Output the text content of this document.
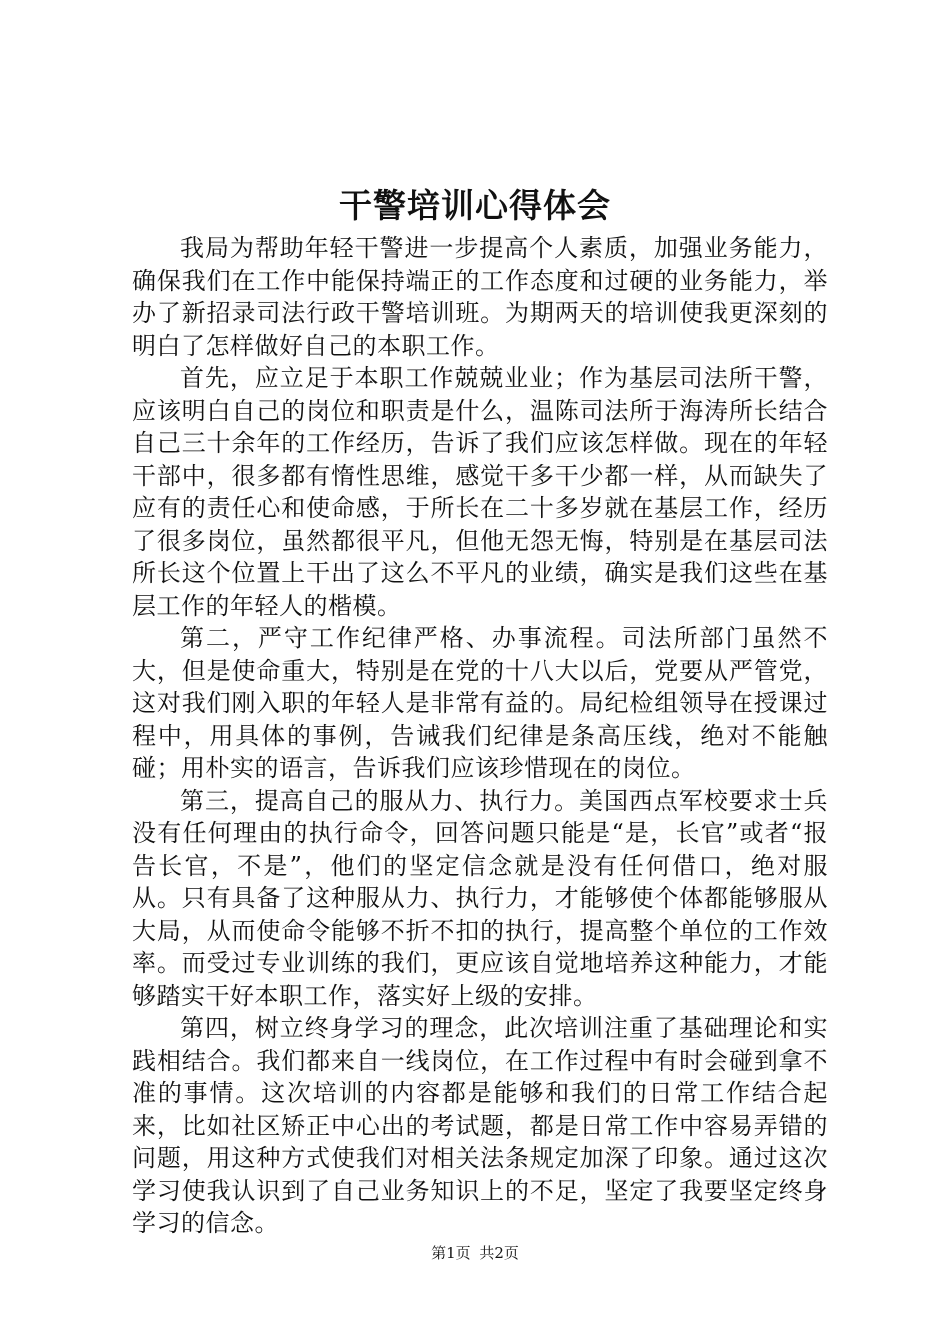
干警培训心得体会

我局为帮助年轻干警进一步提高个人素质，加强业务能力，确保我们在工作中能保持端正的工作态度和过硬的业务能力，举办了新招录司法行政干警培训班。为期两天的培训使我更深刻的明白了怎样做好自己的本职工作。

首先，应立足于本职工作兢兢业业；作为基层司法所干警，应该明白自己的岗位和职责是什么，温陈司法所于海涛所长结合自己三十余年的工作经历，告诉了我们应该怎样做。现在的年轻干部中，很多都有惰性思维，感觉干多干少都一样，从而缺失了应有的责任心和使命感，于所长在二十多岁就在基层工作，经历了很多岗位，虽然都很平凡，但他无怨无悔，特别是在基层司法所长这个位置上干出了这么不平凡的业绩，确实是我们这些在基层工作的年轻人的楷模。

第二，严守工作纪律严格、办事流程。司法所部门虽然不大，但是使命重大，特别是在党的十八大以后，党要从严管党，这对我们刚入职的年轻人是非常有益的。局纪检组领导在授课过程中，用具体的事例，告诫我们纪律是条高压线，绝对不能触碰；用朴实的语言，告诉我们应该珍惜现在的岗位。

第三，提高自己的服从力、执行力。美国西点军校要求士兵没有任何理由的执行命令，回答问题只能是“是，长官”或者“报告长官，不是”，他们的坚定信念就是没有任何借口，绝对服从。只有具备了这种服从力、执行力，才能够使个体都能够服从大局，从而使命令能够不折不扣的执行，提高整个单位的工作效率。而受过专业训练的我们，更应该自觉地培养这种能力，才能够踏实干好本职工作，落实好上级的安排。

第四，树立终身学习的理念，此次培训注重了基础理论和实践相结合。我们都来自一线岗位，在工作过程中有时会碰到拿不准的事情。这次培训的内容都是能够和我们的日常工作结合起来，比如社区矫正中心出的考试题，都是日常工作中容易弄错的问题，用这种方式使我们对相关法条规定加深了印象。通过这次学习使我认识到了自己业务知识上的不足，坚定了我要坚定终身学习的信念。

第1页 共2页
